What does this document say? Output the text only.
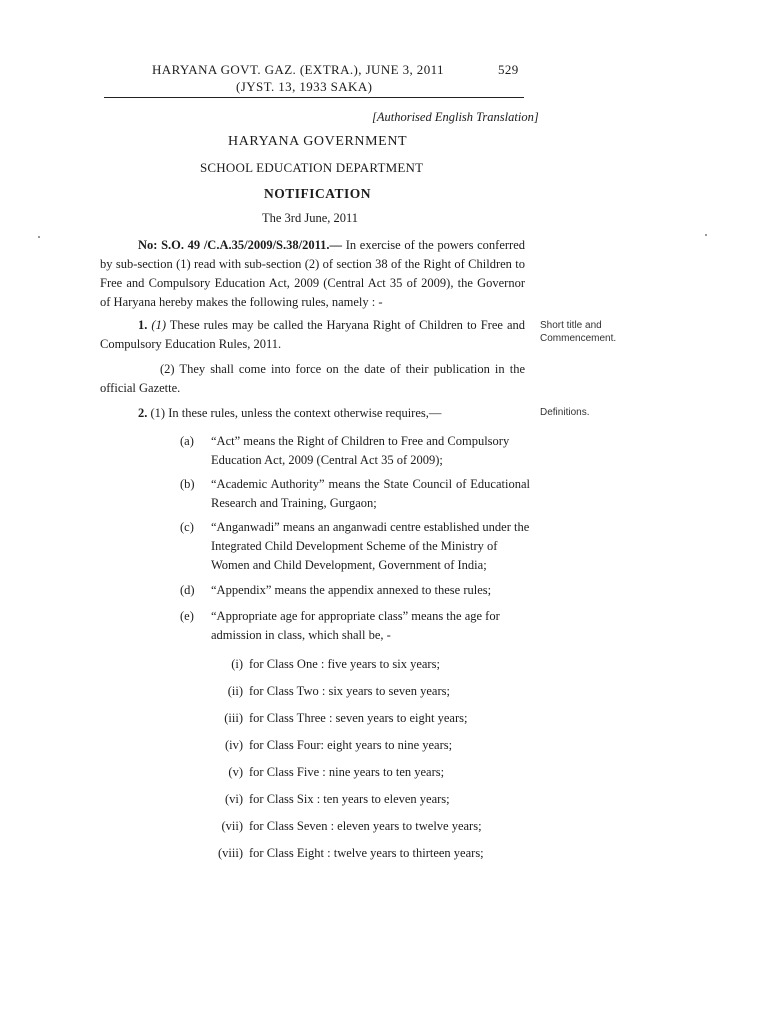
HARYANA GOVT. GAZ. (EXTRA.), JUNE 3, 2011	529
(JYST. 13, 1933 SAKA)
[Authorised English Translation]
HARYANA GOVERNMENT
SCHOOL EDUCATION DEPARTMENT
NOTIFICATION
The 3rd June, 2011
No: S.O. 49 /C.A.35/2009/S.38/2011.— In exercise of the powers conferred by sub-section (1) read with sub-section (2) of section 38 of the Right of Children to Free and Compulsory Education Act, 2009 (Central Act 35 of 2009), the Governor of Haryana hereby makes the following rules, namely : -
1. (1) These rules may be called the Haryana Right of Children to Free and Compulsory Education Rules, 2011.
Short title and
Commencement.
(2) They shall come into force on the date of their publication in the official Gazette.
2. (1) In these rules, unless the context otherwise requires,—	Definitions.
(a) “Act” means the Right of Children to Free and Compulsory Education Act, 2009 (Central Act 35 of 2009);
(b) “Academic Authority” means the State Council of Educational Research and Training, Gurgaon;
(c) “Anganwadi” means an anganwadi centre established under the Integrated Child Development Scheme of the Ministry of Women and Child Development, Government of India;
(d) “Appendix” means the appendix annexed to these rules;
(e) “Appropriate age for appropriate class” means the age for admission in class, which shall be, -
(i) for Class One : five years to six years;
(ii) for Class Two : six years to seven years;
(iii) for Class Three : seven years to eight years;
(iv) for Class Four: eight years to nine years;
(v) for Class Five : nine years to ten years;
(vi) for Class Six : ten years to eleven years;
(vii) for Class Seven : eleven years to twelve years;
(viii) for Class Eight : twelve years to thirteen years;
